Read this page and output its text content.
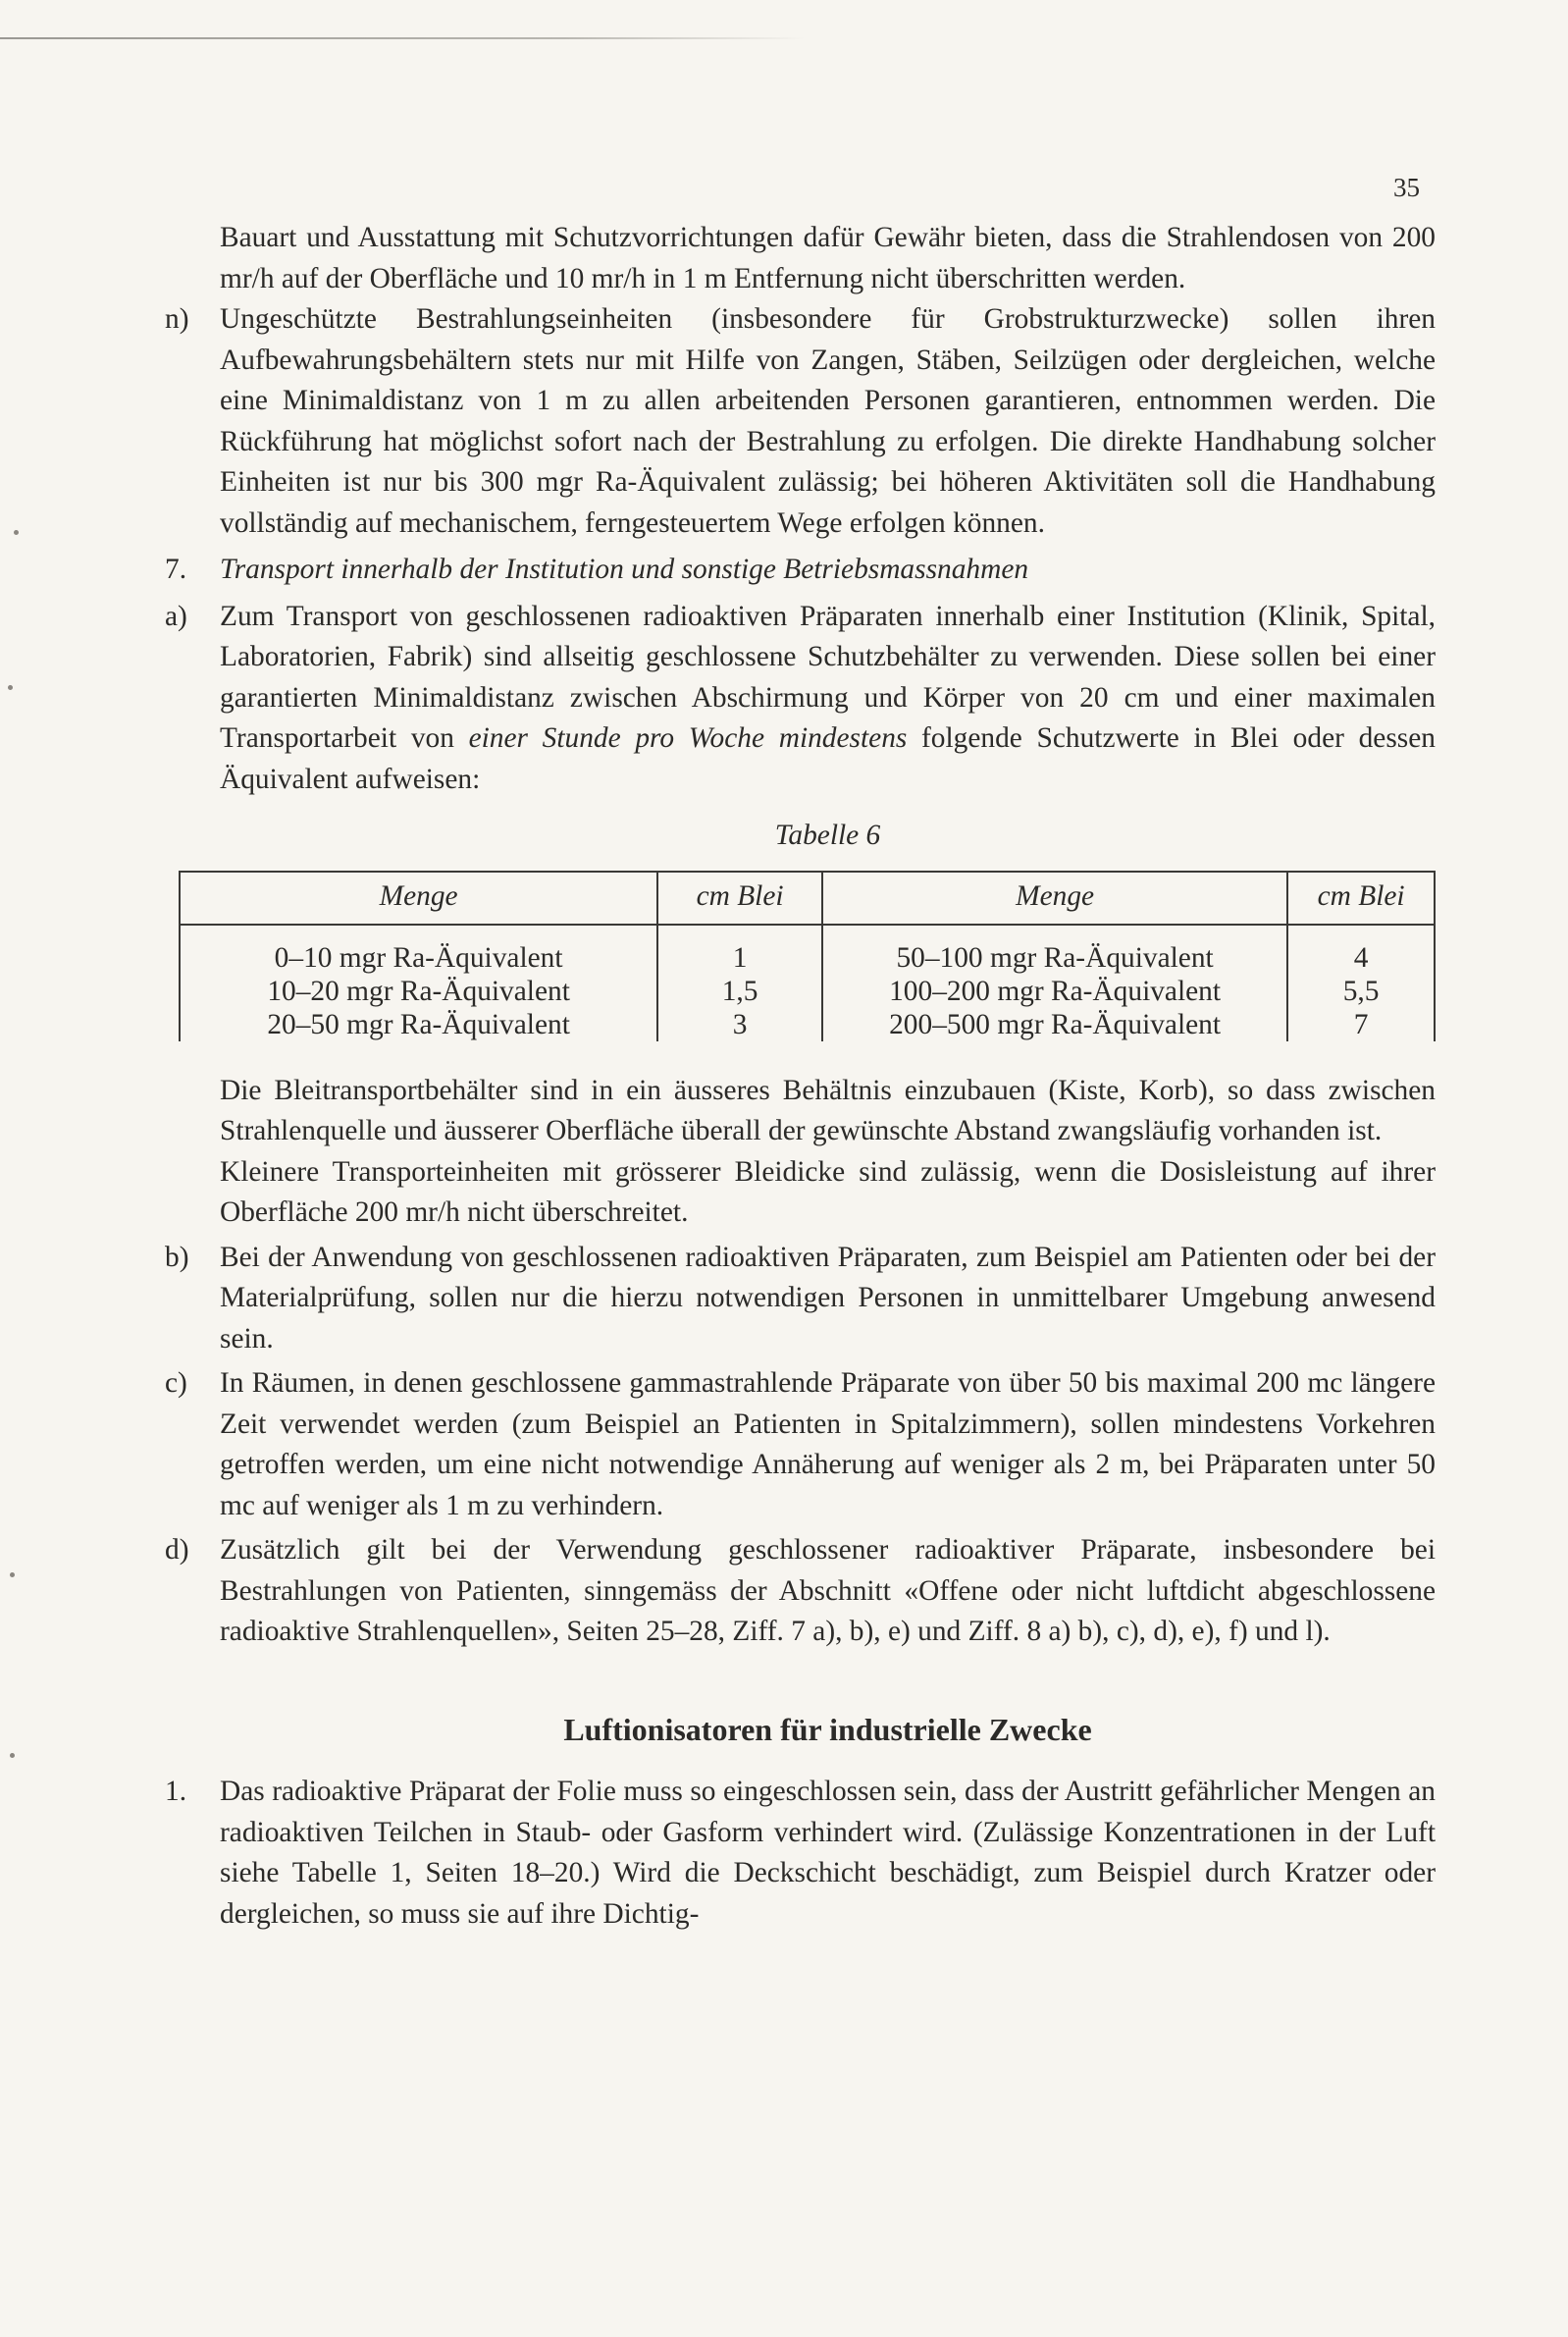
35

Bauart und Ausstattung mit Schutzvorrichtungen dafür Gewähr bieten, dass die Strahlendosen von 200 mr/h auf der Oberfläche und 10 mr/h in 1 m Entfernung nicht überschritten werden.

n)	Ungeschützte Bestrahlungseinheiten (insbesondere für Grobstrukturzwecke) sollen ihren Aufbewahrungsbehältern stets nur mit Hilfe von Zangen, Stäben, Seilzügen oder dergleichen, welche eine Minimaldistanz von 1 m zu allen arbeitenden Personen garantieren, entnommen werden. Die Rückführung hat möglichst sofort nach der Bestrahlung zu erfolgen. Die direkte Handhabung solcher Einheiten ist nur bis 300 mgr Ra-Äquivalent zulässig; bei höheren Aktivitäten soll die Handhabung vollständig auf mechanischem, ferngesteuertem Wege erfolgen können.
7.	Transport innerhalb der Institution und sonstige Betriebsmassnahmen
a)	Zum Transport von geschlossenen radioaktiven Präparaten innerhalb einer Institution (Klinik, Spital, Laboratorien, Fabrik) sind allseitig geschlossene Schutzbehälter zu verwenden. Diese sollen bei einer garantierten Minimaldistanz zwischen Abschirmung und Körper von 20 cm und einer maximalen Transportarbeit von einer Stunde pro Woche mindestens folgende Schutzwerte in Blei oder dessen Äquivalent aufweisen:
Tabelle 6
Menge	cm Blei	Menge	cm Blei
0–10 mgr Ra-Äquivalent	1	50–100 mgr Ra-Äquivalent	4
10–20 mgr Ra-Äquivalent	1,5	100–200 mgr Ra-Äquivalent	5,5
20–50 mgr Ra-Äquivalent	3	200–500 mgr Ra-Äquivalent	7

Die Bleitransportbehälter sind in ein äusseres Behältnis einzubauen (Kiste, Korb), so dass zwischen Strahlenquelle und äusserer Oberfläche überall der gewünschte Abstand zwangsläufig vorhanden ist.

Kleinere Transporteinheiten mit grösserer Bleidicke sind zulässig, wenn die Dosisleistung auf ihrer Oberfläche 200 mr/h nicht überschreitet.

b)	Bei der Anwendung von geschlossenen radioaktiven Präparaten, zum Beispiel am Patienten oder bei der Materialprüfung, sollen nur die hierzu notwendigen Personen in unmittelbarer Umgebung anwesend sein.
c)	In Räumen, in denen geschlossene gammastrahlende Präparate von über 50 bis maximal 200 mc längere Zeit verwendet werden (zum Beispiel an Patienten in Spitalzimmern), sollen mindestens Vorkehren getroffen werden, um eine nicht notwendige Annäherung auf weniger als 2 m, bei Präparaten unter 50 mc auf weniger als 1 m zu verhindern.
d)	Zusätzlich gilt bei der Verwendung geschlossener radioaktiver Präparate, insbesondere bei Bestrahlungen von Patienten, sinngemäss der Abschnitt «Offene oder nicht luftdicht abgeschlossene radioaktive Strahlenquellen», Seiten 25–28, Ziff. 7 a), b), e) und Ziff. 8 a) b), c), d), e), f) und l).
Luftionisatoren für industrielle Zwecke
1.	Das radioaktive Präparat der Folie muss so eingeschlossen sein, dass der Austritt gefährlicher Mengen an radioaktiven Teilchen in Staub- oder Gasform verhindert wird. (Zulässige Konzentrationen in der Luft siehe Tabelle 1, Seiten 18–20.) Wird die Deckschicht beschädigt, zum Beispiel durch Kratzer oder dergleichen, so muss sie auf ihre Dichtig-
